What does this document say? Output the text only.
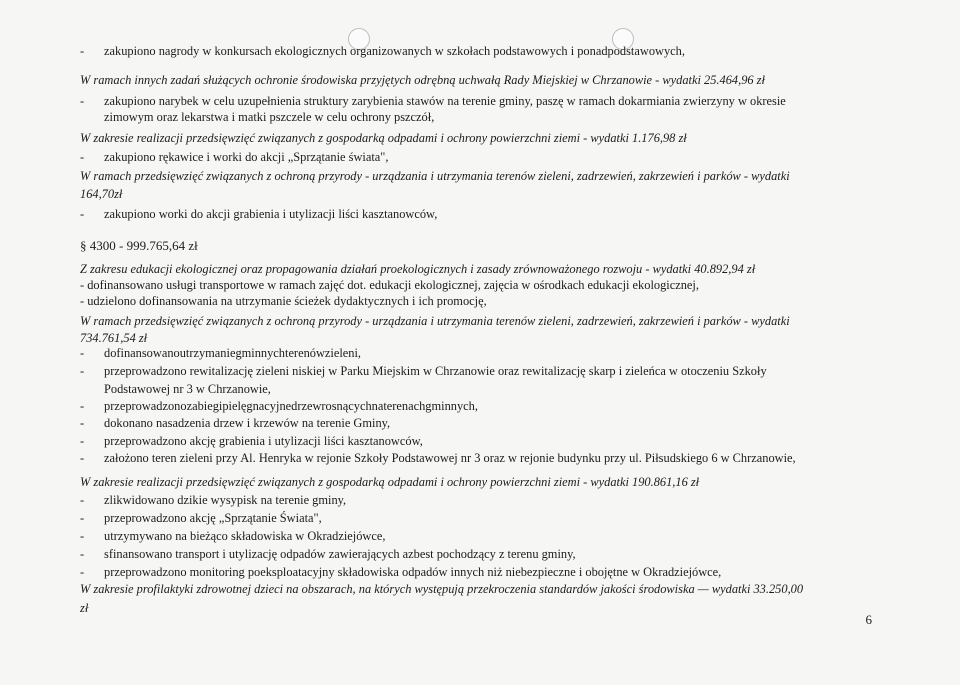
- zakupiono nagrody w konkursach ekologicznych organizowanych w szkołach podstawowych i ponadpodstawowych,
W ramach innych zadań służących ochronie środowiska przyjętych odrębną uchwałą Rady Miejskiej w Chrzanowie - wydatki 25.464,96 zł
- zakupiono narybek w celu uzupełnienia struktury zarybienia stawów na terenie gminy, paszę w ramach dokarmiania zwierzyny w okresie
zimowym oraz lekarstwa i matki pszczele w celu ochrony pszczół,
W zakresie realizacji przedsięwzięć związanych z gospodarką odpadami i ochrony powierzchni ziemi - wydatki 1.176,98 zł
- zakupiono rękawice i worki do akcji „Sprzątanie świata",
W ramach przedsięwzięć związanych z ochroną przyrody - urządzania i utrzymania terenów zieleni, zadrzewień, zakrzewień i parków - wydatki
164,70zł
- zakupiono worki do akcji grabienia i utylizacji liści kasztanowców,
§ 4300 - 999.765,64 zł
Z zakresu edukacji ekologicznej oraz propagowania działań proekologicznych i zasady zrównoważonego rozwoju - wydatki 40.892,94 zł
- dofinansowano usługi transportowe w ramach zajęć dot. edukacji ekologicznej, zajęcia w ośrodkach edukacji ekologicznej,
- udzielono dofinansowania na utrzymanie ścieżek dydaktycznych i ich promocję,
W ramach przedsięwzięć związanych z ochroną przyrody - urządzania i utrzymania terenów zieleni, zadrzewień, zakrzewień i parków - wydatki
734.761,54 zł
- dofinansowanoutrzymaniegminnychterenówzieleni,
- przeprowadzono rewitalizację zieleni niskiej w Parku Miejskim w Chrzanowie oraz rewitalizację skarp i zieleńca w otoczeniu Szkoły
Podstawowej nr 3 w Chrzanowie,
- przeprowadzonozabiegipielęgnacyjnedrzewrosnącychnaterenachgminnych,
- dokonano nasadzenia drzew i krzewów na terenie Gminy,
- przeprowadzono akcję grabienia i utylizacji liści kasztanowców,
- założono teren zieleni przy Al. Henryka w rejonie Szkoły Podstawowej nr 3 oraz w rejonie budynku przy ul. Piłsudskiego 6 w Chrzanowie,
W zakresie realizacji przedsięwzięć związanych z gospodarką odpadami i ochrony powierzchni ziemi - wydatki 190.861,16 zł
- zlikwidowano dzikie wysypisk na terenie gminy,
- przeprowadzono akcję „Sprzątanie Świata",
- utrzymywano na bieżąco składowiska w Okradziejówce,
- sfinansowano transport i utylizację odpadów zawierających azbest pochodzący z terenu gminy,
- przeprowadzono monitoring poeksploatacyjny składowiska odpadów innych niż niebezpieczne i obojętne w Okradziejówce,
W zakresie profilaktyki zdrowotnej dzieci na obszarach, na których występują przekroczenia standardów jakości środowiska — wydatki 33.250,00
zł
6
